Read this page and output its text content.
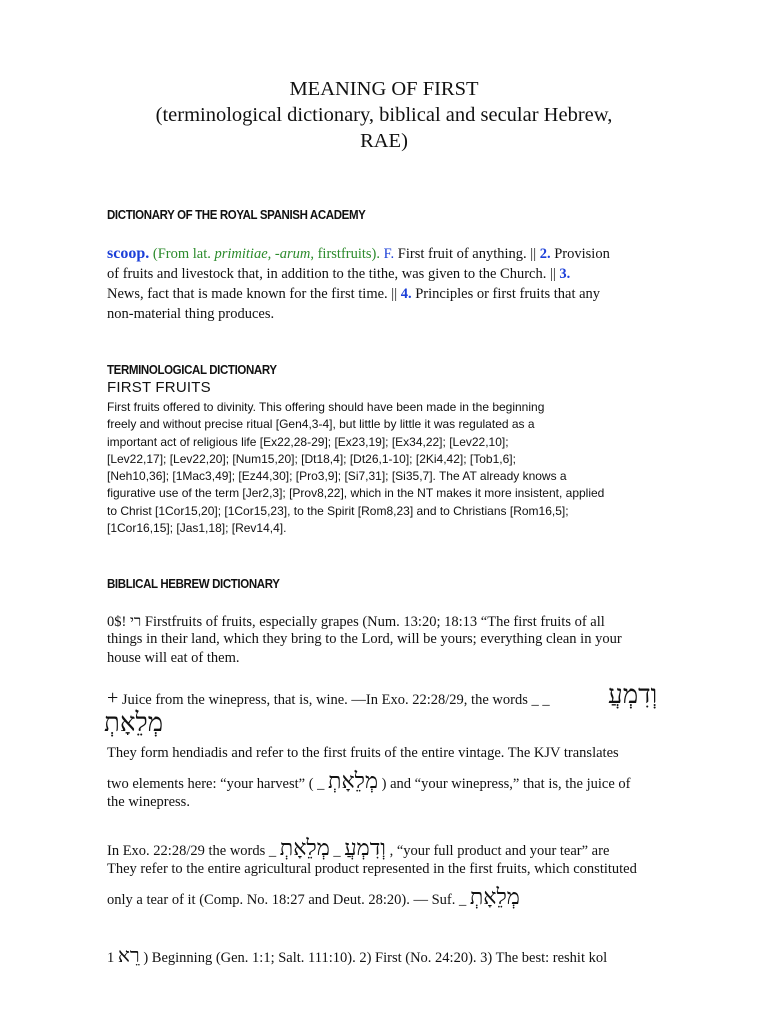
MEANING OF FIRST
(terminological dictionary, biblical and secular Hebrew,
RAE)
DICTIONARY OF THE ROYAL SPANISH ACADEMY
scoop. (From lat. primitiae, -arum, firstfruits). F. First fruit of anything. || 2. Provision
of fruits and livestock that, in addition to the tithe, was given to the Church. || 3.
News, fact that is made known for the first time. || 4. Principles or first fruits that any
non-material thing produces.
TERMINOLOGICAL DICTIONARY
FIRST FRUITS
First fruits offered to divinity. This offering should have been made in the beginning
freely and without precise ritual [Gen4,3-4], but little by little it was regulated as a
important act of religious life [Ex22,28-29]; [Ex23,19]; [Ex34,22]; [Lev22,10];
[Lev22,17]; [Lev22,20]; [Num15,20]; [Dt18,4]; [Dt26,1-10]; [2Ki4,42]; [Tob1,6];
[Neh10,36]; [1Mac3,49]; [Ez44,30]; [Pro3,9]; [Si7,31]; [Si35,7]. The AT already knows a
figurative use of the term [Jer2,3]; [Prov8,22], which in the NT makes it more insistent, applied
to Christ [1Cor15,20]; [1Cor15,23], to the Spirit [Rom8,23] and to Christians [Rom16,5];
[1Cor16,15]; [Jas1,18]; [Rev14,4].
BIBLICAL HEBREW DICTIONARY
0$! רי Firstfruits of fruits, especially grapes (Num. 13:20; 18:13 “The first fruits of all
things in their land, which they bring to the Lord, will be yours; everything clean in your
house will eat of them.
+ Juice from the winepress, that is, wine. —In Exo. 22:28/29, the words _ _ וְדִמְעֲ
מְלֵאָתְ
They form hendiadis and refer to the first fruits of the entire vintage. The KJV translates
two elements here: “your harvest” ( _ מְלֵאָתְ ) and “your winepress,” that is, the juice of
the winepress.
In Exo. 22:28/29 the words _ מְלֵאָתְ _ וְדִמְעֲ , “your full product and your tear” are
They refer to the entire agricultural product represented in the first fruits, which constituted
only a tear of it (Comp. No. 18:27 and Deut. 28:20). — Suf. _ מְלֵאָתְ
1 רֵא ) Beginning (Gen. 1:1; Salt. 111:10). 2) First (No. 24:20). 3) The best: reshit kol
